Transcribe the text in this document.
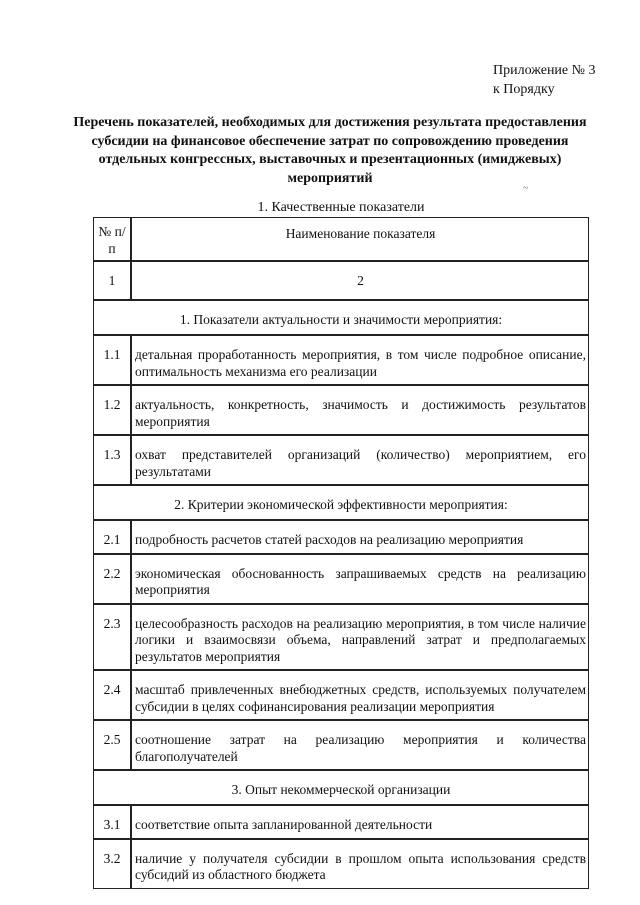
Приложение № 3
к Порядку
Перечень показателей, необходимых для достижения результата предоставления субсидии на финансовое обеспечение затрат по сопровождению проведения отдельных конгрессных, выставочных и презентационных (имиджевых) мероприятий
~
1. Качественные показатели
№ п/п	Наименование показателя
1	2
1. Показатели актуальности и значимости мероприятия:	
1.1	детальная проработанность мероприятия, в том числе подробное описание, оптимальность механизма его реализации
1.2	актуальность, конкретность, значимость и достижимость результатов мероприятия
1.3	охват представителей организаций (количество) мероприятием, его результатами
2. Критерии экономической эффективности мероприятия:	
2.1	подробность расчетов статей расходов на реализацию мероприятия
2.2	экономическая обоснованность запрашиваемых средств на реализацию мероприятия
2.3	целесообразность расходов на реализацию мероприятия, в том числе наличие логики и взаимосвязи объема, направлений затрат и предполагаемых результатов мероприятия
2.4	масштаб привлеченных внебюджетных средств, используемых получателем субсидии в целях софинансирования реализации мероприятия
2.5	соотношение затрат на реализацию мероприятия и количества благополучателей
3. Опыт некоммерческой организации	
3.1	соответствие опыта запланированной деятельности
3.2	наличие у получателя субсидии в прошлом опыта использования средств субсидий из областного бюджета
